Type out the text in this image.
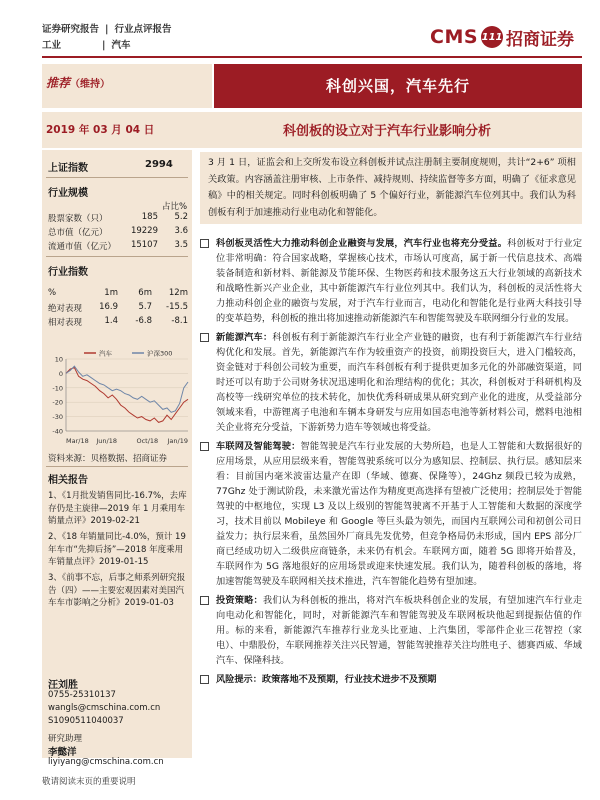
证券研究报告 | 行业点评报告
工业	| 汽车	CMS 111 招商证券
推荐（维持）	科创兴国，汽车先行
2019 年 03 月 04 日	科创板的设立对于汽车行业影响分析
上证指数	2994
行业规模
占比%
股票家数（只）	185	5.2
总市值（亿元）	19229	3.6
流通市值（亿元）	15107	3.5
行业指数
%	1m	6m	12m
绝对表现	16.9	5.7	-15.5
相对表现	1.4	-6.8	-8.1
10
0
-10
-20
-30
-40
Mar/18 Jun/18	Oct/18 Jan/19
汽车	沪深300
资料来源：贝格数据、招商证券
相关报告
1、《1月批发销售同比-16.7%，去库存仍是主旋律—2019 年 1 月乘用车销量点评》2019-02-21
2、《18 年销量同比-4.0%，预计 19 年车市“先抑后扬”—2018 年度乘用车销量点评》2019-01-15
3、《前事不忘，后事之师系列研究报告（四）——主要宏观因素对美国汽车车市影响之分析》2019-01-03
汪刘胜
0755-25310137
wangls@cmschina.com.cn
S1090511040037
研究助理
李懿洋
liyiyang@cmschina.com.cn
3 月 1 日，证监会和上交所发布设立科创板并试点注册制主要制度规则，共计“2+6” 项相关政策。内容涵盖注册审核、上市条件、减持规则、持续监督等多方面，明确了《征求意见稿》中的相关规定。同时科创板明确了 5 个偏好行业，新能源汽车位列其中。我们认为科创板有利于加速推动行业电动化和智能化。
科创板灵活性大力推动科创企业融资与发展，汽车行业也将充分受益。科创板对于行业定位非常明确：符合国家战略，掌握核心技术，市场认可度高，属于新一代信息技术、高端装备制造和新材料、新能源及节能环保、生物医药和技术服务这五大行业领域的高新技术和战略性新兴产业企业，其中新能源汽车行业位列其中。我们认为，科创板的灵活性将大力推动科创企业的融资与发展，对于汽车行业而言，电动化和智能化是行业两大科技引导的变革趋势，科创板的推出将加速推动新能源汽车和智能驾驶及车联网细分行业的发展。
新能源汽车：科创板有利于新能源汽车行业全产业链的融资，也有利于新能源汽车行业结构优化和发展。首先，新能源汽车作为较重资产的投资，前期投资巨大，进入门槛较高，资金链对于科创公司较为重要，而汽车科创板有利于提供更加多元化的外部融资渠道，同时还可以有助于公司财务状况迅速明化和治理结构的优化；其次，科创板对于科研机构及高校等一线研究单位的技术转化，加快优秀科研成果从研究到产业化的进度，从受益部分领域来看，中游锂离子电池和车辆本身研发与应用如国态电池等新材料公司，燃料电池相关企业将充分受益，下游新势力造车等领域也将受益。
车联网及智能驾驶：智能驾驶是汽车行业发展的大势所趋，也是人工智能和大数据很好的应用场景，从应用层级来看，智能驾驶系统可以分为感知层、控制层、执行层。感知层来看：目前国内毫米波雷达量产在即（华域、德赛、保隆等），24Ghz 频段已较为成熟，77Ghz 处于测试阶段，未来激光雷达作为精度更高选择有望被广泛使用；控制层处于智能驾驶的中枢地位，实现 L3 及以上级别的智能驾驶离不开基于人工智能和大数据的深度学习，技术目前以 Mobileye 和 Google 等巨头最为领先，而国内互联网公司和初创公司日益发力；执行层来看，虽然国外厂商具先发优势，但竞争格局仍未形成，国内 EPS 部分厂商已经成功切入二级供应商链条，未来仍有机会。车联网方面，随着 5G 即将开始普及，车联网作为 5G 落地很好的应用场景或迎来快速发展。我们认为，随着科创板的落地，将加速智能驾驶及车联网相关技术推进，汽车智能化趋势有望加速。
投资策略：我们认为科创板的推出，将对汽车板块科创企业的发展，有望加速汽车行业走向电动化和智能化，同时，对新能源汽车和智能驾驶及车联网板块他起到提振估值的作用。标的来看，新能源汽车推荐行业龙头比亚迪、上汽集团，零部件企业三花智控（家电）、中鼎股份，车联网推荐关注兴民智通，智能驾驶推荐关注均胜电子、德赛西威、华域汽车、保隆科技。
风险提示：政策落地不及预期，行业技术进步不及预期
敬请阅读末页的重要说明
